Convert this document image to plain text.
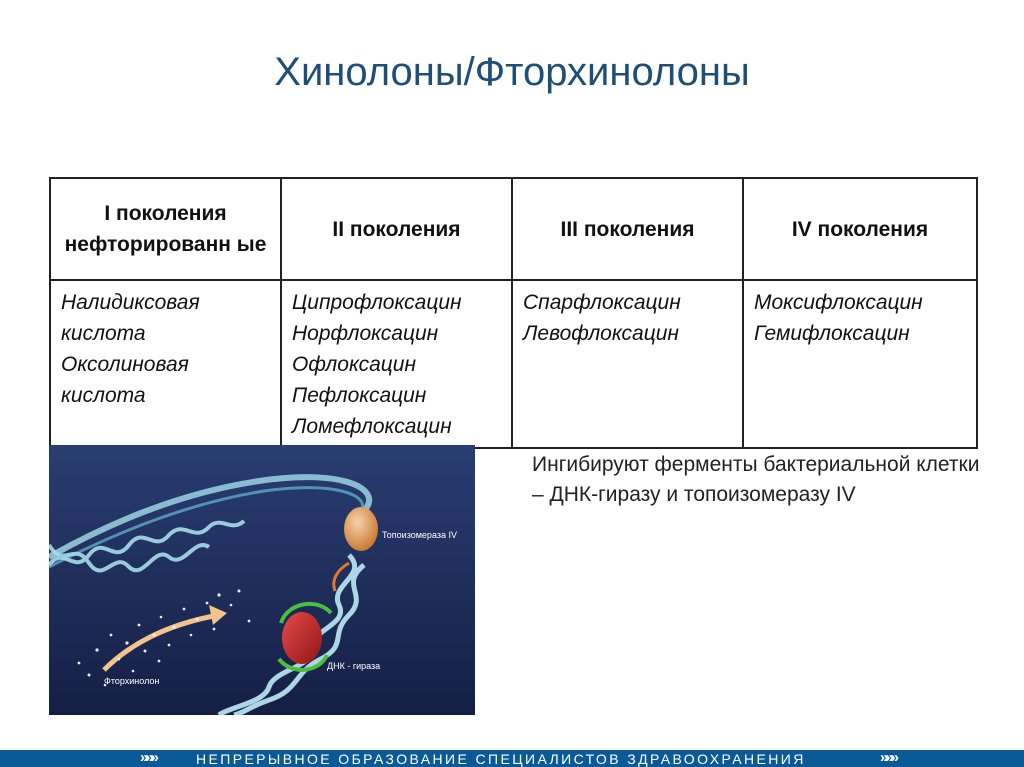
Хинолоны/Фторхинолоны
I поколения нефторированн ые	II поколения	III поколения	IV поколения

Налидиксовая кислота
Оксолиновая кислота	Ципрофлоксацин
Норфлоксацин
Офлоксацин
Пефлоксацин
Ломефлоксацин	Спарфлоксацин
Левофлоксацин	Моксифлоксацин
Гемифлоксацин
Топоизомераза IV
ДНК - гираза
Фторхинолон
Ингибируют ферменты бактериальной клетки – ДНК-гиразу и топоизомеразу IV
»»»	НЕПРЕРЫВНОЕ ОБРАЗОВАНИЕ СПЕЦИАЛИСТОВ ЗДРАВООХРАНЕНИЯ	»»»
